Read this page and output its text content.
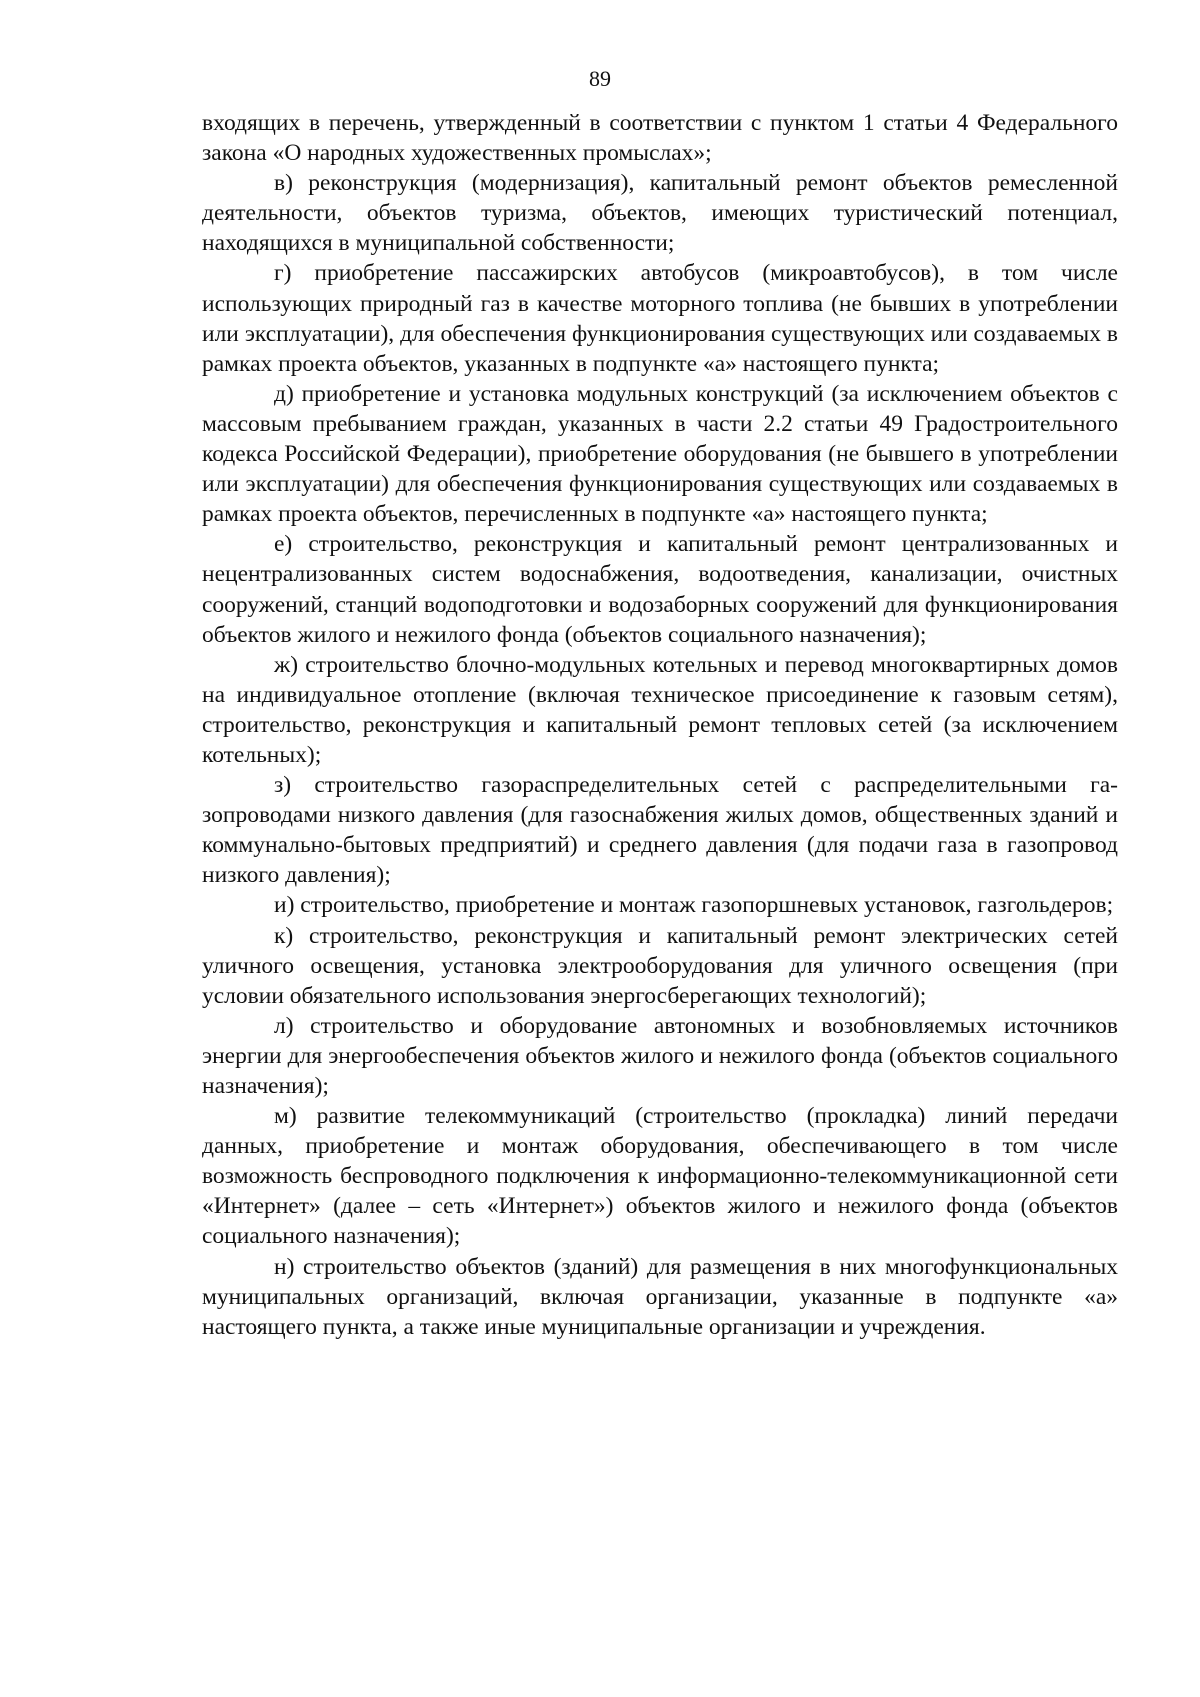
89

входящих в перечень, утвержденный в соответствии с пунктом 1 статьи 4 Федерального закона «О народных художественных промыслах»;

в) реконструкция (модернизация), капитальный ремонт объектов ремесленной деятельности, объектов туризма, объектов, имеющих туристический потенциал, находящихся в муниципальной собственности;

г) приобретение пассажирских автобусов (микроавтобусов), в том числе использующих природный газ в качестве моторного топлива (не бывших в употреблении или эксплуатации), для обеспечения функционирования существующих или создаваемых в рамках проекта объектов, указанных в подпункте «а» настоящего пункта;

д) приобретение и установка модульных конструкций (за исключением объектов с массовым пребыванием граждан, указанных в части 2.2 статьи 49 Градостроительного кодекса Российской Федерации), приобретение оборудования (не бывшего в употреблении или эксплуатации) для обеспечения функционирования существующих или создаваемых в рамках проекта объектов, перечисленных в подпункте «а» настоящего пункта;

е) строительство, реконструкция и капитальный ремонт централизованных и нецентрализованных систем водоснабжения, водоотведения, канализации, очистных сооружений, станций водоподготовки и водозаборных сооружений для функционирования объектов жилого и нежилого фонда (объектов социального назначения);

ж) строительство блочно-модульных котельных и перевод многоквартирных домов на индивидуальное отопление (включая техническое присоединение к газовым сетям), строительство, реконструкция и капитальный ремонт тепловых сетей (за исключением котельных);

з) строительство газораспределительных сетей с распределительными газопроводами низкого давления (для газоснабжения жилых домов, общественных зданий и коммунально-бытовых предприятий) и среднего давления (для подачи газа в газопровод низкого давления);

и) строительство, приобретение и монтаж газопоршневых установок, газгольдеров;

к) строительство, реконструкция и капитальный ремонт электрических сетей уличного освещения, установка электрооборудования для уличного освещения (при условии обязательного использования энергосберегающих технологий);

л) строительство и оборудование автономных и возобновляемых источников энергии для энергообеспечения объектов жилого и нежилого фонда (объектов социального назначения);

м) развитие телекоммуникаций (строительство (прокладка) линий передачи данных, приобретение и монтаж оборудования, обеспечивающего в том числе возможность беспроводного подключения к информационно-телекоммуникационной сети «Интернет» (далее – сеть «Интернет») объектов жилого и нежилого фонда (объектов социального назначения);

н) строительство объектов (зданий) для размещения в них многофункциональных муниципальных организаций, включая организации, указанные в подпункте «а» настоящего пункта, а также иные муниципальные организации и учреждения.
